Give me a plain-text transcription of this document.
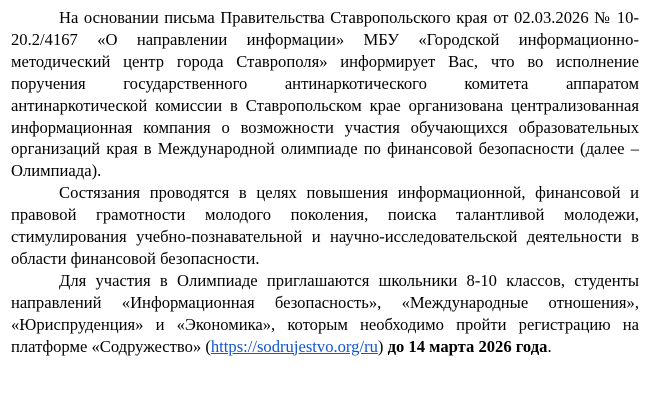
На основании письма Правительства Ставропольского края от 02.03.2026 № 10-20.2/4167 «О направлении информации» МБУ «Городской информационно-методический центр города Ставрополя» информирует Вас, что во исполнение поручения государственного антинаркотического комитета аппаратом антинаркотической комиссии в Ставропольском крае организована централизованная информационная компания о возможности участия обучающихся образовательных организаций края в Международной олимпиаде по финансовой безопасности (далее – Олимпиада).

Состязания проводятся в целях повышения информационной, финансовой и правовой грамотности молодого поколения, поиска талантливой молодежи, стимулирования учебно-познавательной и научно-исследовательской деятельности в области финансовой безопасности.

Для участия в Олимпиаде приглашаются школьники 8-10 классов, студенты направлений «Информационная безопасность», «Международные отношения», «Юриспруденция» и «Экономика», которым необходимо пройти регистрацию на платформе «Содружество» (https://sodrujestvo.org/ru) до 14 марта 2026 года.
